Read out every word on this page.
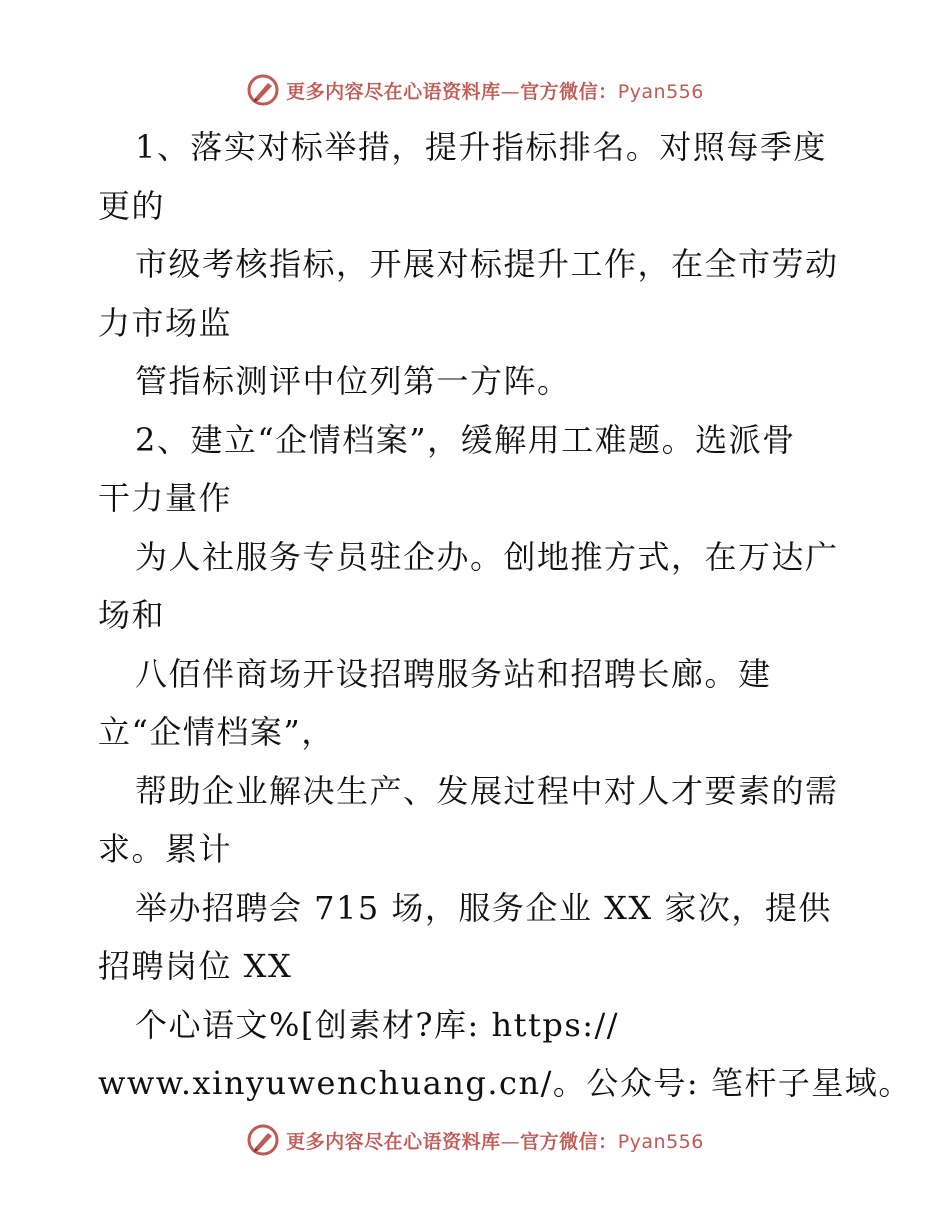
更多内容尽在心语资料库—官方微信：Pyan556
1、落实对标举措，提升指标排名。对照每季度
更的
市级考核指标，开展对标提升工作，在全市劳动
力市场监
管指标测评中位列第一方阵。
2、建立“企情档案”，缓解用工难题。选派骨
干力量作
为人社服务专员驻企办。创地推方式，在万达广
场和
八佰伴商场开设招聘服务站和招聘长廊。建
立“企情档案”，
帮助企业解决生产、发展过程中对人才要素的需
求。累计
举办招聘会 715 场，服务企业 XX 家次，提供
招聘岗位 XX
个心语文%[创素材?库: https://
www.xinyuwenchuang.cn/。公众号: 笔杆子星域。
更多内容尽在心语资料库—官方微信：Pyan556
